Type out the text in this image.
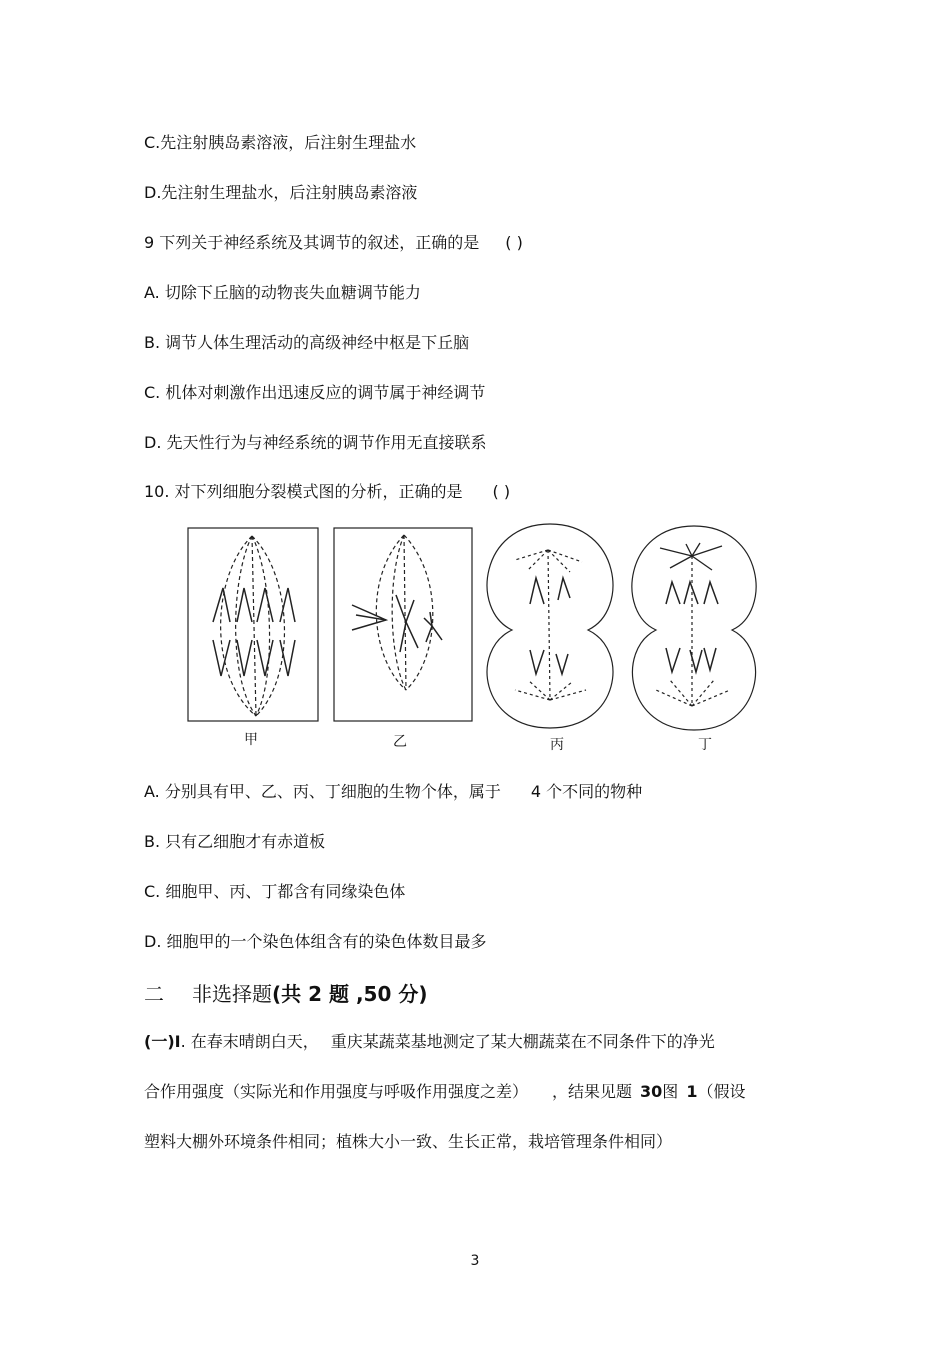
C.先注射胰岛素溶液，后注射生理盐水
D.先注射生理盐水，后注射胰岛素溶液
9 下列关于神经系统及其调节的叙述，正确的是 ( )
A. 切除下丘脑的动物丧失血糖调节能力
B. 调节人体生理活动的高级神经中枢是下丘脑
C. 机体对刺激作出迅速反应的调节属于神经调节
D. 先天性行为与神经系统的调节作用无直接联系
10. 对下列细胞分裂模式图的分析，正确的是 ( )
甲	乙	丙	丁
A. 分别具有甲、乙、丙、丁细胞的生物个体，属于 4 个不同的物种
B. 只有乙细胞才有赤道板
C. 细胞甲、丙、丁都含有同缘染色体
D. 细胞甲的一个染色体组含有的染色体数目最多
二 非选择题(共 2 题 ,50 分)
(一)I. 在春末晴朗白天， 重庆某蔬菜基地测定了某大棚蔬菜在不同条件下的净光
合作用强度（实际光和作用强度与呼吸作用强度之差） ，结果见题 30图 1（假设
塑料大棚外环境条件相同；植株大小一致、生长正常，栽培管理条件相同）
3
